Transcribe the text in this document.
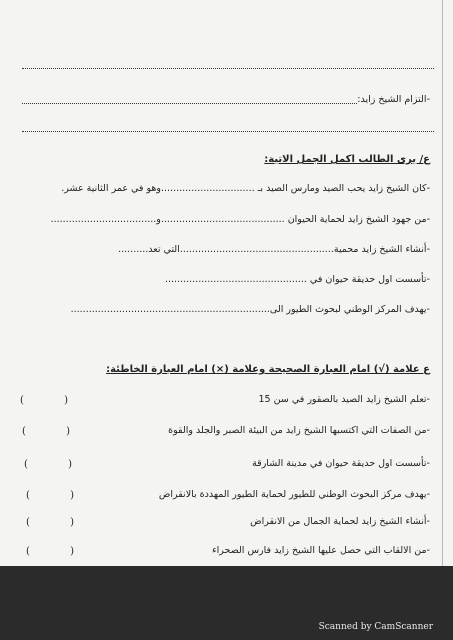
-التزام الشيخ زايد:
ع/ يرى الطالب اكمل الجمل الاتية:
-كان الشيخ زايد يحب الصيد ومارس الصيد بـ ...............................وهو في عمر الثانية عشر.
-من جهود الشيخ زايد لحماية الحيوان .........................................و...................................
-أنشاء الشيخ زايد محمية...................................................التي تعد..........
-تأسست اول حديقة حيوان في ...............................................
-يهدف المركز الوطني لبحوث الطيور الى..................................................................
ع علامة (√) امام العبارة الصحيحة وعلامة (×) امام العبارة الخاطئة:
-تعلم الشيخ زايد الصيد بالصقور في سن 15
(	)
-من الصفات التي اكتسبها الشيخ زايد من البيئة الصبر والجلد والقوة
(	)
-تأسست اول حديقة حيوان في مدينة الشارقة
(	)
-يهدف مركز البحوث الوطني للطيور لحماية الطيور المهددة بالانقراض
(	)
-أنشاء الشيخ زايد لحماية الجمال من الانقراض
(	)
-من الالقاب التي حصل عليها الشيخ زايد فارس الصحراء
(	)
Scanned by CamScanner
